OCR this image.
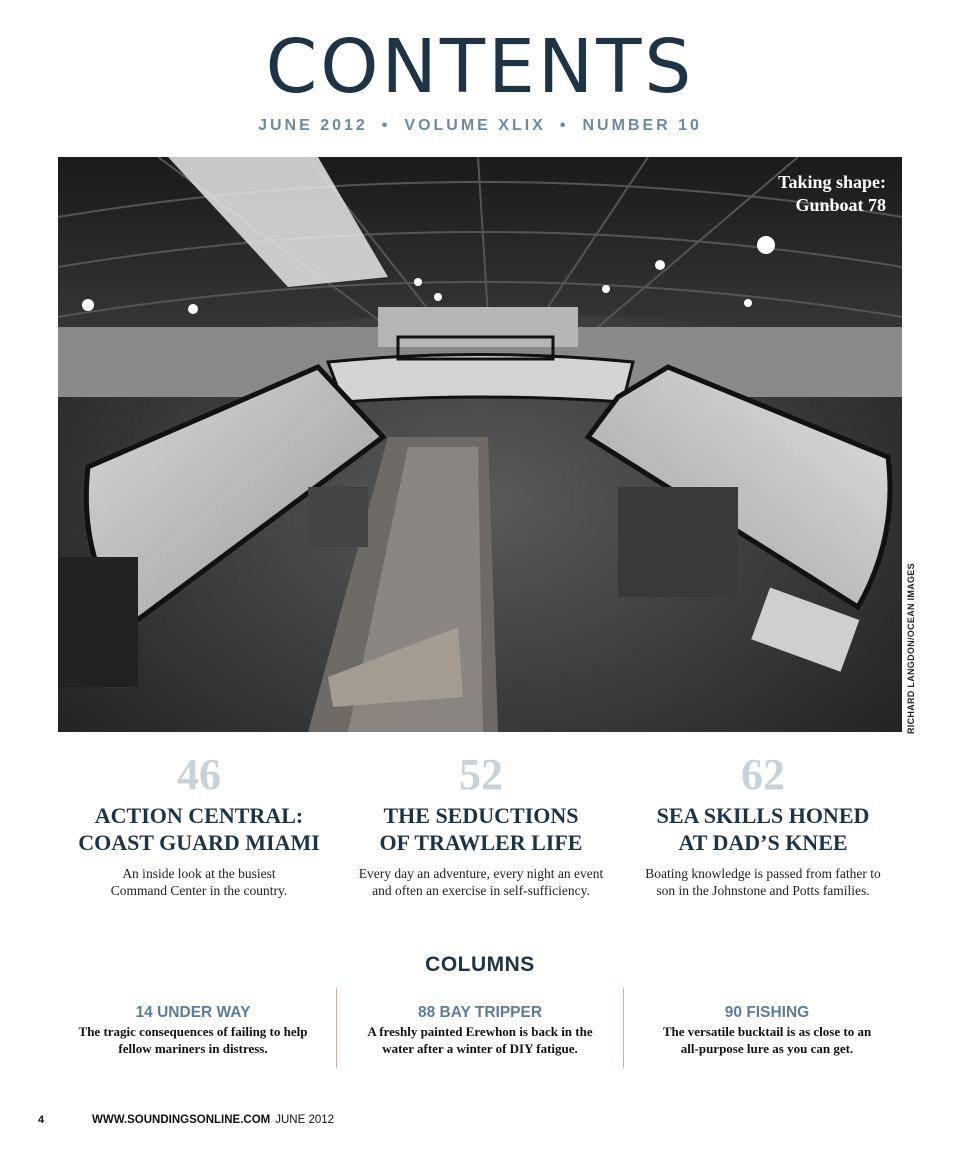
CONTENTS
JUNE 2012 • VOLUME XLIX • NUMBER 10
Taking shape:
Gunboat 78
RICHARD LANGDON/OCEAN IMAGES
46
ACTION CENTRAL:
COAST GUARD MIAMI
An inside look at the busiest
Command Center in the country.
52
THE SEDUCTIONS
OF TRAWLER LIFE
Every day an adventure, every night an event
and often an exercise in self-sufficiency.
62
SEA SKILLS HONED
AT DAD’S KNEE
Boating knowledge is passed from father to
son in the Johnstone and Potts families.
COLUMNS
14 UNDER WAY
The tragic consequences of failing to help
fellow mariners in distress.
88 BAY TRIPPER
A freshly painted Erewhon is back in the
water after a winter of DIY fatigue.
90 FISHING
The versatile bucktail is as close to an
all-purpose lure as you can get.
4	WWW.SOUNDINGSONLINE.COM JUNE 2012
